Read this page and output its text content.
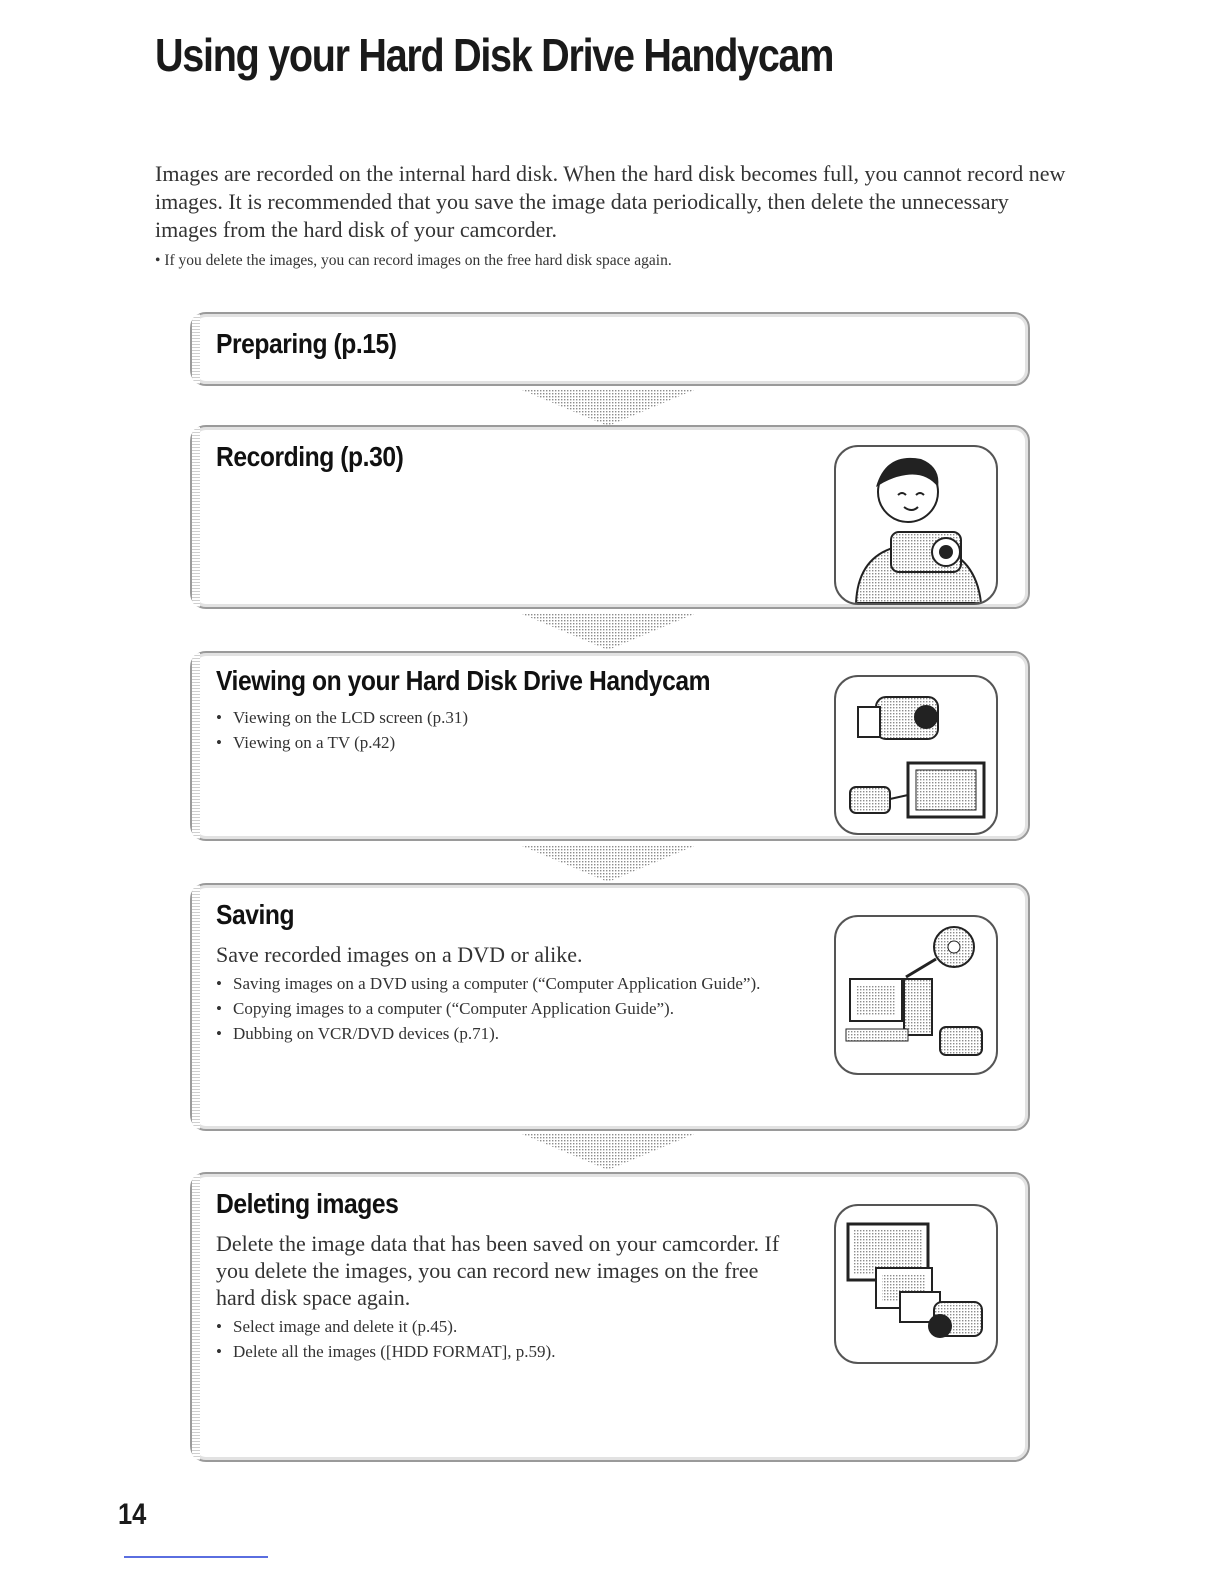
Using your Hard Disk Drive Handycam

Images are recorded on the internal hard disk. When the hard disk becomes full, you cannot record new images. It is recommended that you save the image data periodically, then delete the unnecessary images from the hard disk of your camcorder.

• If you delete the images, you can record images on the free hard disk space again.

Preparing (p.15)
Recording (p.30)
Viewing on your Hard Disk Drive Handycam
• Viewing on the LCD screen (p.31)
• Viewing on a TV (p.42)
Saving

Save recorded images on a DVD or alike.

• Saving images on a DVD using a computer (“Computer Application Guide”).
• Copying images to a computer (“Computer Application Guide”).
• Dubbing on VCR/DVD devices (p.71).
Deleting images

Delete the image data that has been saved on your camcorder. If you delete the images, you can record new images on the free hard disk space again.

• Select image and delete it (p.45).
• Delete all the images ([HDD FORMAT], p.59).
14
